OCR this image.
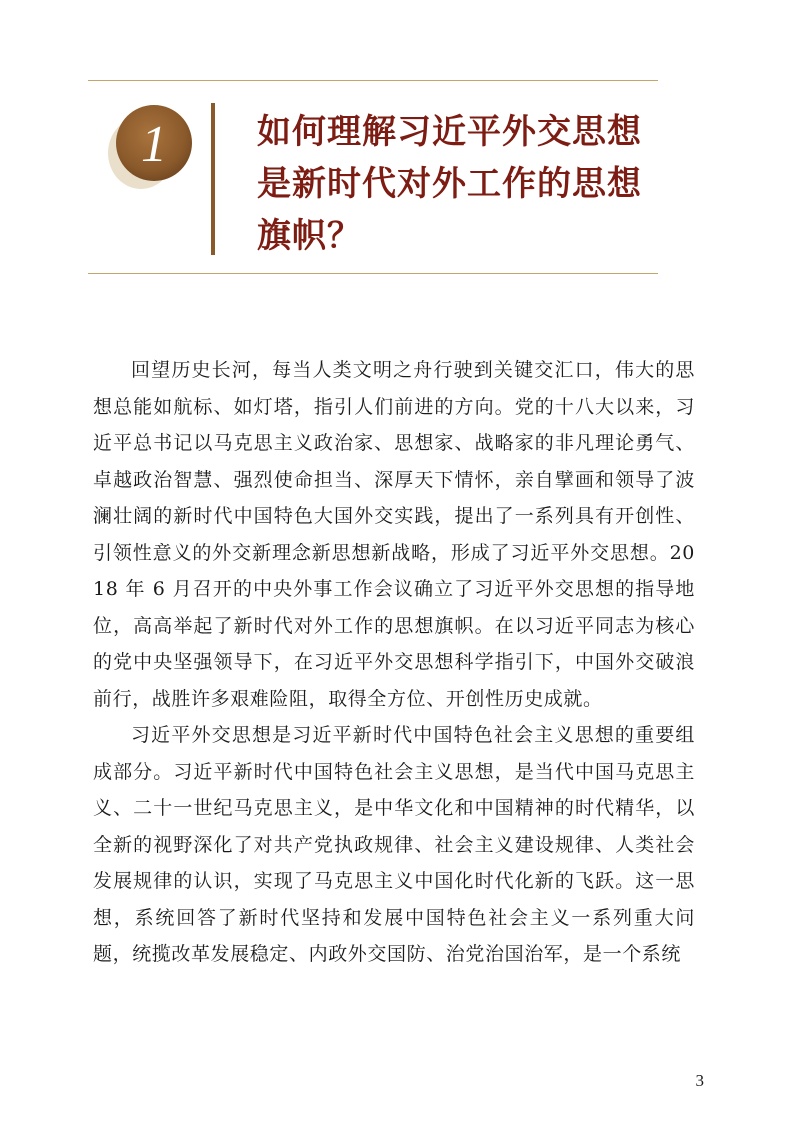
1	如何理解习近平外交思想
是新时代对外工作的思想
旗帜？

回望历史长河，每当人类文明之舟行驶到关键交汇口，伟大的思想总能如航标、如灯塔，指引人们前进的方向。党的十八大以来，习近平总书记以马克思主义政治家、思想家、战略家的非凡理论勇气、卓越政治智慧、强烈使命担当、深厚天下情怀，亲自擘画和领导了波澜壮阔的新时代中国特色大国外交实践，提出了一系列具有开创性、引领性意义的外交新理念新思想新战略，形成了习近平外交思想。2018 年 6 月召开的中央外事工作会议确立了习近平外交思想的指导地位，高高举起了新时代对外工作的思想旗帜。在以习近平同志为核心的党中央坚强领导下，在习近平外交思想科学指引下，中国外交破浪前行，战胜许多艰难险阻，取得全方位、开创性历史成就。

习近平外交思想是习近平新时代中国特色社会主义思想的重要组成部分。习近平新时代中国特色社会主义思想，是当代中国马克思主义、二十一世纪马克思主义，是中华文化和中国精神的时代精华，以全新的视野深化了对共产党执政规律、社会主义建设规律、人类社会发展规律的认识，实现了马克思主义中国化时代化新的飞跃。这一思想，系统回答了新时代坚持和发展中国特色社会主义一系列重大问题，统揽改革发展稳定、内政外交国防、治党治国治军，是一个系统

3
